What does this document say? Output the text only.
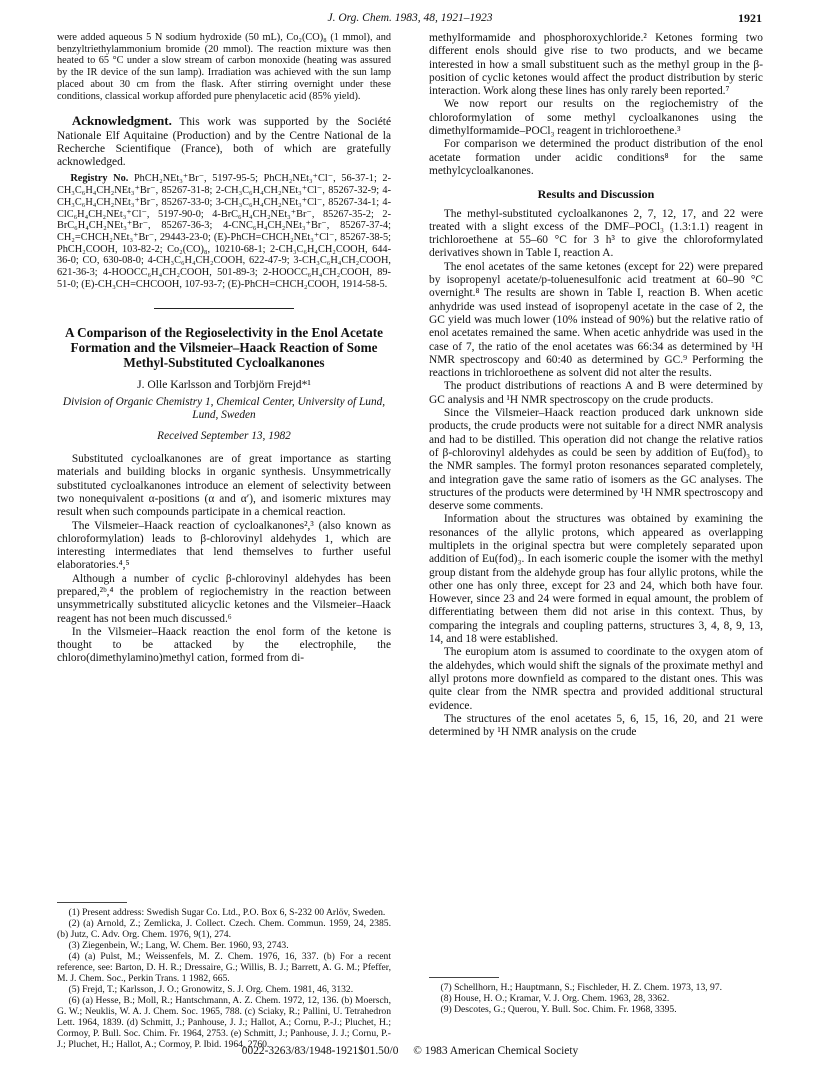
J. Org. Chem. 1983, 48, 1921–1923	1921

were added aqueous 5 N sodium hydroxide (50 mL), Co₂(CO)₈ (1 mmol), and benzyltriethylammonium bromide (20 mmol). The reaction mixture was then heated to 65 °C under a slow stream of carbon monoxide (heating was assured by the IR device of the sun lamp). Irradiation was achieved with the sun lamp placed about 30 cm from the flask. After stirring overnight under these conditions, classical workup afforded pure phenylacetic acid (85% yield).

Acknowledgment. This work was supported by the Société Nationale Elf Aquitaine (Production) and by the Centre National de la Recherche Scientifique (France), both of which are gratefully acknowledged.

Registry No. PhCH₂NEt₃⁺Br⁻, 5197-95-5; PhCH₂NEt₃⁺Cl⁻, 56-37-1; 2-CH₃C₆H₄CH₂NEt₃⁺Br⁻, 85267-31-8; 2-CH₃C₆H₄CH₂NEt₃⁺Cl⁻, 85267-32-9; 4-CH₃C₆H₄CH₂NEt₃⁺Br⁻, 85267-33-0; 3-CH₃C₆H₄CH₂NEt₃⁺Cl⁻, 85267-34-1; 4-ClC₆H₄CH₂NEt₃⁺Cl⁻, 5197-90-0; 4-BrC₆H₄CH₂NEt₃⁺Br⁻, 85267-35-2; 2-BrC₆H₄CH₂NEt₃⁺Br⁻, 85267-36-3; 4-CNC₆H₄CH₂NEt₃⁺Br⁻, 85267-37-4; CH₂=CHCH₂NEt₃⁺Br⁻, 29443-23-0; (E)-PhCH=CHCH₂NEt₃⁺Cl⁻, 85267-38-5; PhCH₂COOH, 103-82-2; Co₂(CO)₈, 10210-68-1; 2-CH₃C₆H₄CH₂COOH, 644-36-0; CO, 630-08-0; 4-CH₃C₆H₄CH₂COOH, 622-47-9; 3-CH₃C₆H₄CH₂COOH, 621-36-3; 4-HOOCC₆H₄CH₂COOH, 501-89-3; 2-HOOCC₆H₄CH₂COOH, 89-51-0; (E)-CH₃CH=CHCOOH, 107-93-7; (E)-PhCH=CHCH₂COOH, 1914-58-5.

A Comparison of the Regioselectivity in the Enol Acetate Formation and the Vilsmeier–Haack Reaction of Some Methyl-Substituted Cycloalkanones
J. Olle Karlsson and Torbjörn Frejd*¹
Division of Organic Chemistry 1, Chemical Center, University of Lund, Lund, Sweden
Received September 13, 1982

Substituted cycloalkanones are of great importance as starting materials and building blocks in organic synthesis. Unsymmetrically substituted cycloalkanones introduce an element of selectivity between two nonequivalent α-positions (α and α′), and isomeric mixtures may result when such compounds participate in a chemical reaction.

The Vilsmeier–Haack reaction of cycloalkanones²,³ (also known as chloroformylation) leads to β-chlorovinyl aldehydes 1, which are interesting intermediates that lend themselves to further useful elaboratories.⁴,⁵

Although a number of cyclic β-chlorovinyl aldehydes has been prepared,²ᵇ,⁴ the problem of regiochemistry in the reaction between unsymmetrically substituted alicyclic ketones and the Vilsmeier–Haack reagent has not been much discussed.⁶

In the Vilsmeier–Haack reaction the enol form of the ketone is thought to be attacked by the electrophile, the chloro(dimethylamino)methyl cation, formed from di-

(1) Present address: Swedish Sugar Co. Ltd., P.O. Box 6, S-232 00 Arlöv, Sweden.

(2) (a) Arnold, Z.; Zemlicka, J. Collect. Czech. Chem. Commun. 1959, 24, 2385. (b) Jutz, C. Adv. Org. Chem. 1976, 9(1), 274.

(3) Ziegenbein, W.; Lang, W. Chem. Ber. 1960, 93, 2743.

(4) (a) Pulst, M.; Weissenfels, M. Z. Chem. 1976, 16, 337. (b) For a recent reference, see: Barton, D. H. R.; Dressaire, G.; Willis, B. J.; Barrett, A. G. M.; Pfeffer, M. J. Chem. Soc., Perkin Trans. 1 1982, 665.

(5) Frejd, T.; Karlsson, J. O.; Gronowitz, S. J. Org. Chem. 1981, 46, 3132.

(6) (a) Hesse, B.; Moll, R.; Hantschmann, A. Z. Chem. 1972, 12, 136. (b) Moersch, G. W.; Neuklis, W. A. J. Chem. Soc. 1965, 788. (c) Sciaky, R.; Pallini, U. Tetrahedron Lett. 1964, 1839. (d) Schmitt, J.; Panhouse, J. J.; Hallot, A.; Cornu, P.-J.; Pluchet, H.; Cormoy, P. Bull. Soc. Chim. Fr. 1964, 2753. (e) Schmitt, J.; Panhouse, J. J.; Cornu, P.-J.; Pluchet, H.; Hallot, A.; Cormoy, P. Ibid. 1964, 2760.

methylformamide and phosphoroxychloride.² Ketones forming two different enols should give rise to two products, and we became interested in how a small substituent such as the methyl group in the β-position of cyclic ketones would affect the product distribution by steric interaction. Work along these lines has only rarely been reported.⁷

We now report our results on the regiochemistry of the chloroformylation of some methyl cycloalkanones using the dimethylformamide–POCl₃ reagent in trichloroethene.³

For comparison we determined the product distribution of the enol acetate formation under acidic conditions⁸ for the same methylcycloalkanones.

Results and Discussion

The methyl-substituted cycloalkanones 2, 7, 12, 17, and 22 were treated with a slight excess of the DMF–POCl₃ (1.3:1.1) reagent in trichloroethene at 55–60 °C for 3 h³ to give the chloroformylated derivatives shown in Table I, reaction A.

The enol acetates of the same ketones (except for 22) were prepared by isopropenyl acetate/p-toluenesulfonic acid treatment at 60–90 °C overnight.⁸ The results are shown in Table I, reaction B. When acetic anhydride was used instead of isopropenyl acetate in the case of 2, the GC yield was much lower (10% instead of 90%) but the relative ratio of enol acetates remained the same. When acetic anhydride was used in the case of 7, the ratio of the enol acetates was 66:34 as determined by ¹H NMR spectroscopy and 60:40 as determined by GC.⁹ Performing the reactions in trichloroethene as solvent did not alter the results.

The product distributions of reactions A and B were determined by GC analysis and ¹H NMR spectroscopy on the crude products.

Since the Vilsmeier–Haack reaction produced dark unknown side products, the crude products were not suitable for a direct NMR analysis and had to be distilled. This operation did not change the relative ratios of β-chlorovinyl aldehydes as could be seen by addition of Eu(fod)₃ to the NMR samples. The formyl proton resonances separated completely, and integration gave the same ratio of isomers as the GC analyses. The structures of the products were determined by ¹H NMR spectroscopy and deserve some comments.

Information about the structures was obtained by examining the resonances of the allylic protons, which appeared as overlapping multiplets in the original spectra but were completely separated upon addition of Eu(fod)₃. In each isomeric couple the isomer with the methyl group distant from the aldehyde group has four allylic protons, while the other one has only three, except for 23 and 24, which both have four. However, since 23 and 24 were formed in equal amount, the problem of differentiating between them did not arise in this context. Thus, by comparing the integrals and coupling patterns, structures 3, 4, 8, 9, 13, 14, and 18 were established.

The europium atom is assumed to coordinate to the oxygen atom of the aldehydes, which would shift the signals of the proximate methyl and allyl protons more downfield as compared to the distant ones. This was quite clear from the NMR spectra and provided additional structural evidence.

The structures of the enol acetates 5, 6, 15, 16, 20, and 21 were determined by ¹H NMR analysis on the crude

(7) Schellhorn, H.; Hauptmann, S.; Fischleder, H. Z. Chem. 1973, 13, 97.

(8) House, H. O.; Kramar, V. J. Org. Chem. 1963, 28, 3362.

(9) Descotes, G.; Querou, Y. Bull. Soc. Chim. Fr. 1968, 3395.

0022-3263/83/1948-1921$01.50/0 © 1983 American Chemical Society
